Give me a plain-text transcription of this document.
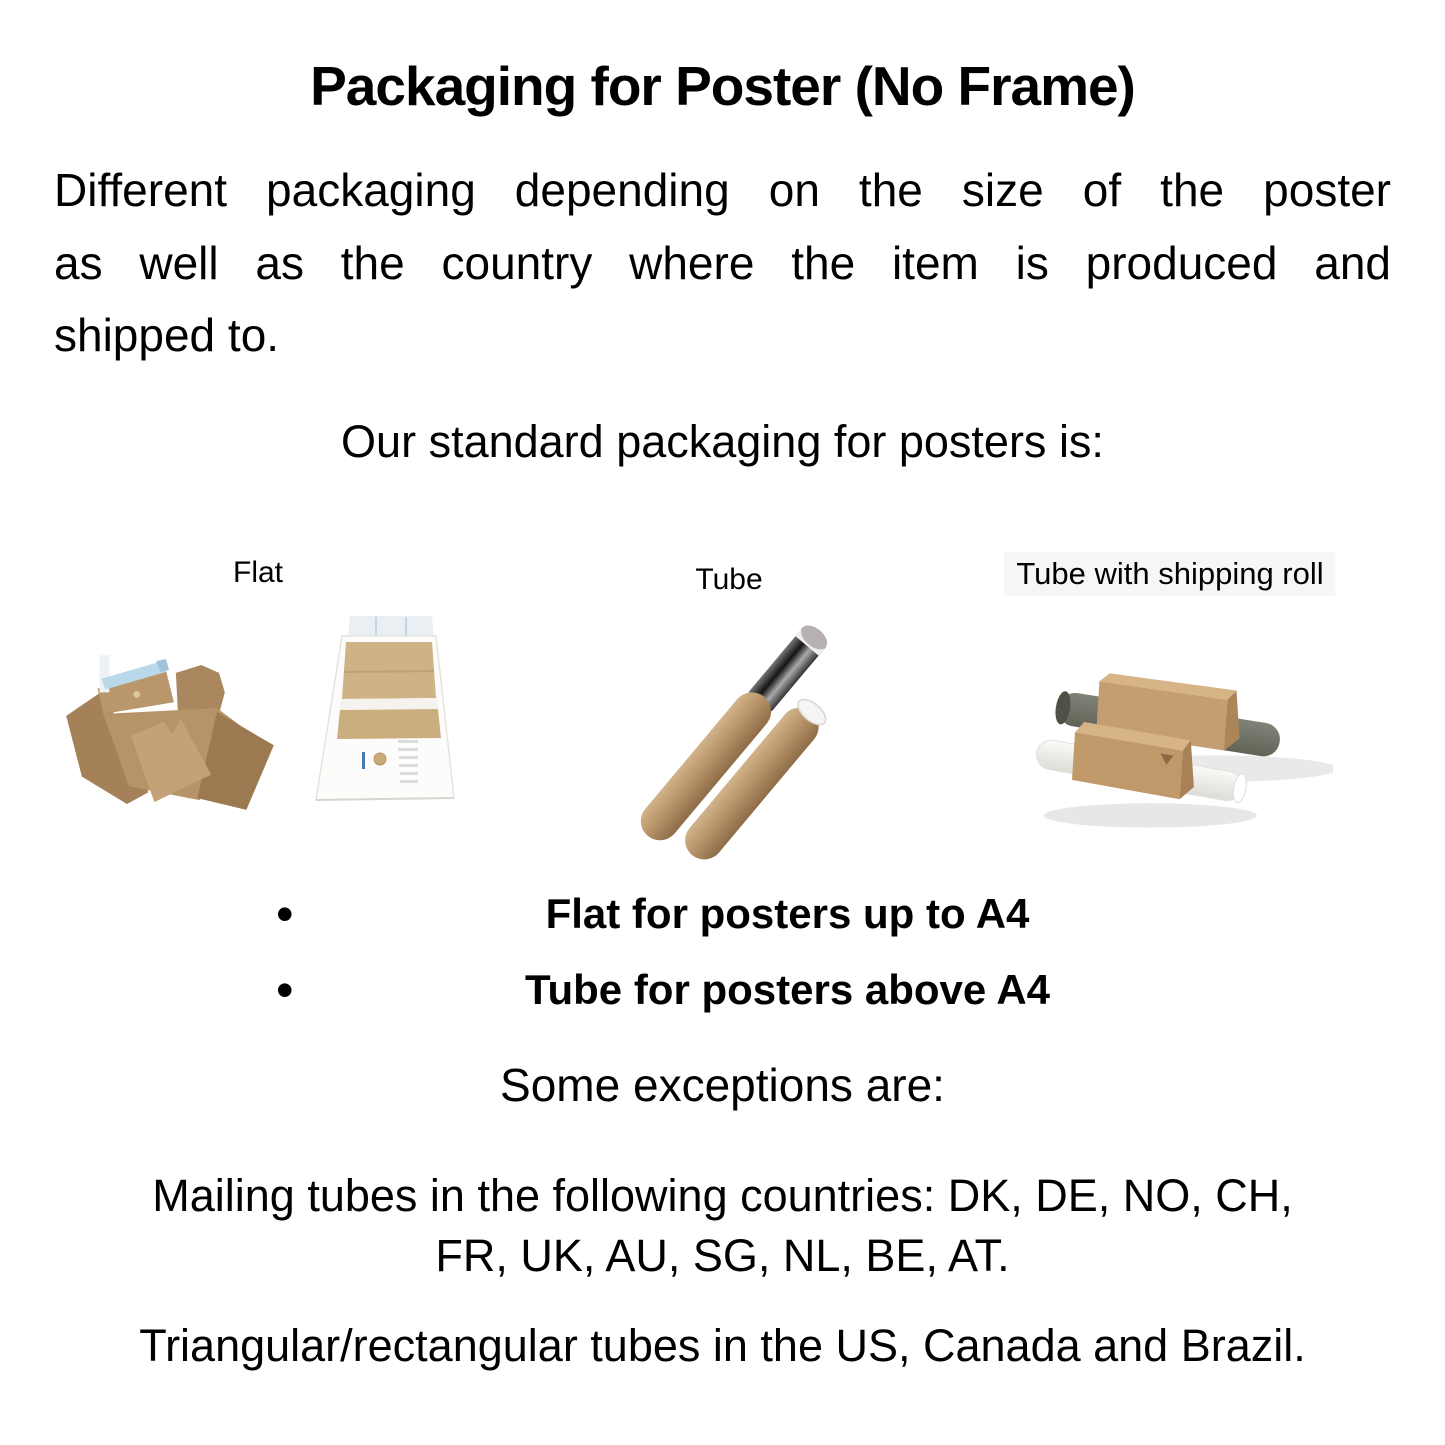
Packaging for Poster (No Frame)
Different packaging depending on the size of the poster
as well as the country where the item is produced and
shipped to.
Our standard packaging for posters is:
Flat	Tube	Tube with shipping roll
•	Flat for posters up to A4
•	Tube for posters above A4
Some exceptions are:
Mailing tubes in the following countries: DK, DE, NO, CH,
FR, UK, AU, SG, NL, BE, AT.
Triangular/rectangular tubes in the US, Canada and Brazil.
